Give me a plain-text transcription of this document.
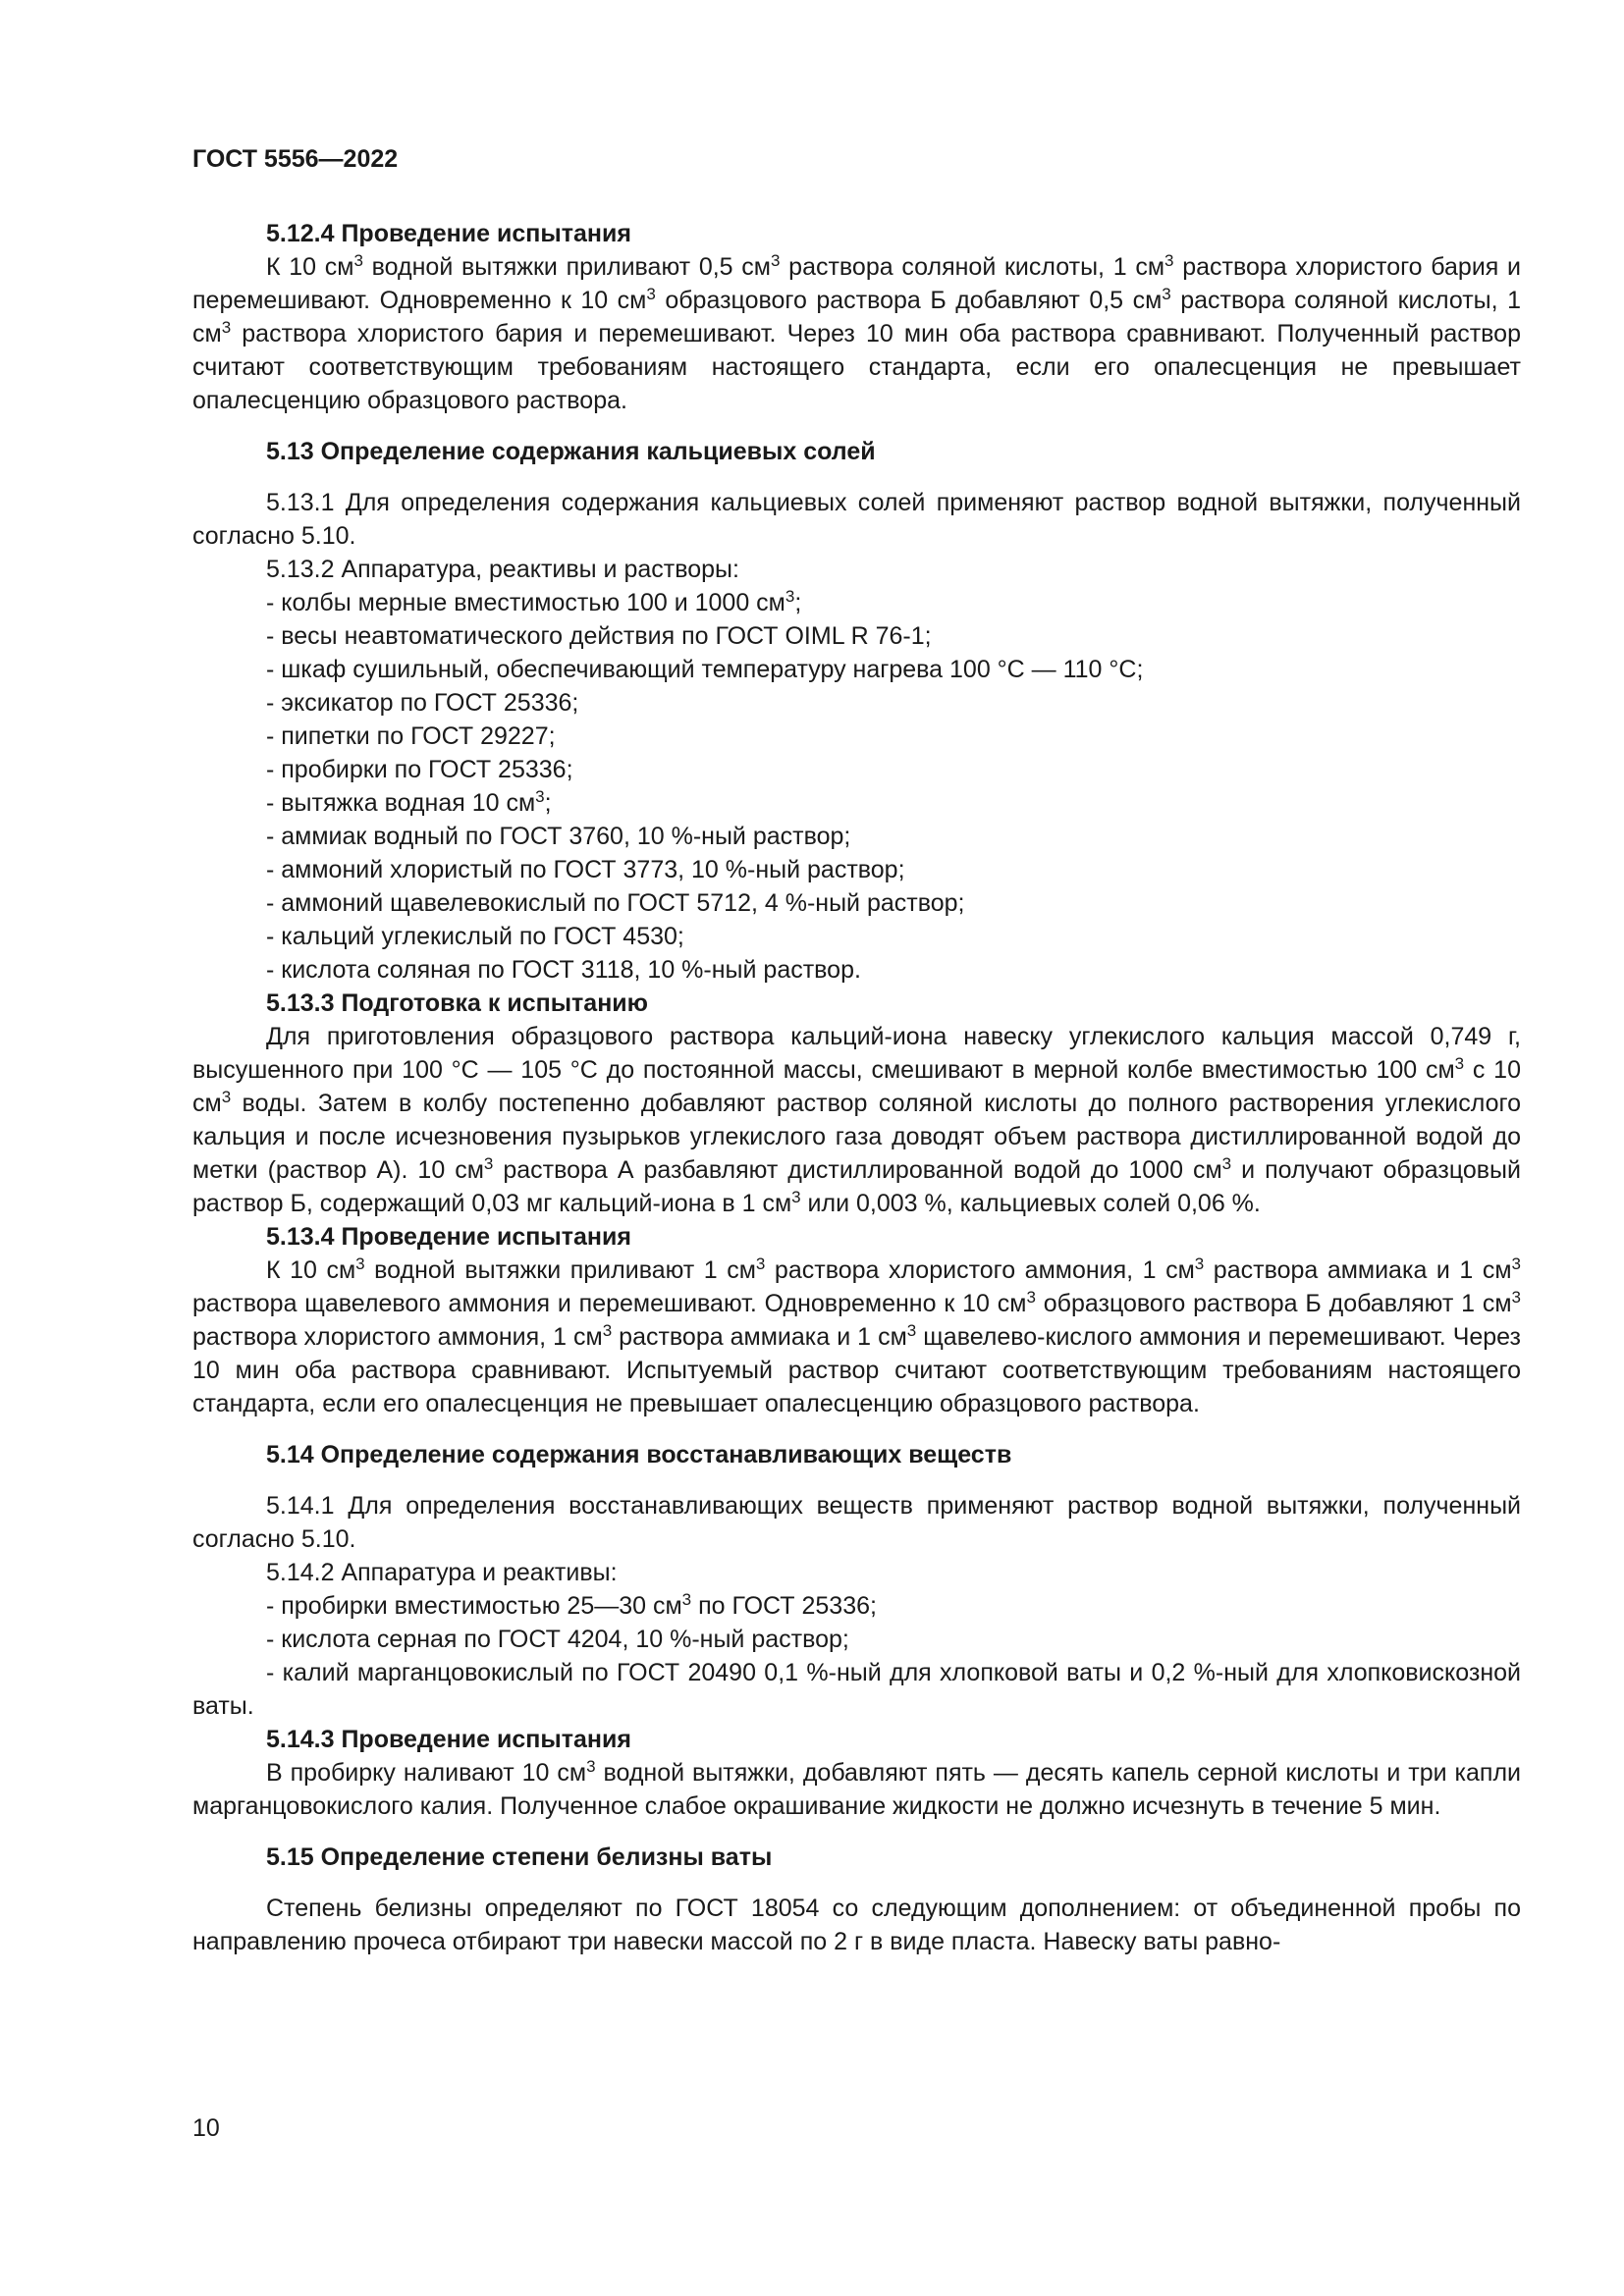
ГОСТ 5556—2022

5.12.4 Проведение испытания

К 10 $см^3$ водной вытяжки приливают 0,5 $см^3$ раствора соляной кислоты, 1 $см^3$ раствора хлористого бария и перемешивают. Одновременно к 10 $см^3$ образцового раствора Б добавляют 0,5 $см^3$ раствора соляной кислоты, 1 $см^3$ раствора хлористого бария и перемешивают. Через 10 мин оба раствора сравнивают. Полученный раствор считают соответствующим требованиям настоящего стандарта, если его опалесценция не превышает опалесценцию образцового раствора.

5.13 Определение содержания кальциевых солей

5.13.1 Для определения содержания кальциевых солей применяют раствор водной вытяжки, полученный согласно 5.10.

5.13.2 Аппаратура, реактивы и растворы:

- колбы мерные вместимостью 100 и 1000 $см^3$;

- весы неавтоматического действия по ГОСТ OIML R 76-1;

- шкаф сушильный, обеспечивающий температуру нагрева 100 °С — 110 °С;

- эксикатор по ГОСТ 25336;

- пипетки по ГОСТ 29227;

- пробирки по ГОСТ 25336;

- вытяжка водная 10 $см^3$;

- аммиак водный по ГОСТ 3760, 10 %-ный раствор;

- аммоний хлористый по ГОСТ 3773, 10 %-ный раствор;

- аммоний щавелевокислый по ГОСТ 5712, 4 %-ный раствор;

- кальций углекислый по ГОСТ 4530;

- кислота соляная по ГОСТ 3118, 10 %-ный раствор.

5.13.3 Подготовка к испытанию

Для приготовления образцового раствора кальций-иона навеску углекислого кальция массой 0,749 г, высушенного при 100 °С — 105 °С до постоянной массы, смешивают в мерной колбе вместимостью 100 $см^3$ с 10 $см^3$ воды. Затем в колбу постепенно добавляют раствор соляной кислоты до полного растворения углекислого кальция и после исчезновения пузырьков углекислого газа доводят объем раствора дистиллированной водой до метки (раствор А). 10 $см^3$ раствора А разбавляют дистиллированной водой до 1000 $см^3$ и получают образцовый раствор Б, содержащий 0,03 мг кальций-иона в 1 $см^3$ или 0,003 %, кальциевых солей 0,06 %.

5.13.4 Проведение испытания

К 10 $см^3$ водной вытяжки приливают 1 $см^3$ раствора хлористого аммония, 1 $см^3$ раствора аммиака и 1 $см^3$ раствора щавелевого аммония и перемешивают. Одновременно к 10 $см^3$ образцового раствора Б добавляют 1 $см^3$ раствора хлористого аммония, 1 $см^3$ раствора аммиака и 1 $см^3$ щавелево-кислого аммония и перемешивают. Через 10 мин оба раствора сравнивают. Испытуемый раствор считают соответствующим требованиям настоящего стандарта, если его опалесценция не превышает опалесценцию образцового раствора.

5.14 Определение содержания восстанавливающих веществ

5.14.1 Для определения восстанавливающих веществ применяют раствор водной вытяжки, полученный согласно 5.10.

5.14.2 Аппаратура и реактивы:

- пробирки вместимостью 25—30 $см^3$ по ГОСТ 25336;

- кислота серная по ГОСТ 4204, 10 %-ный раствор;

- калий марганцовокислый по ГОСТ 20490 0,1 %-ный для хлопковой ваты и 0,2 %-ный для хлопковискозной ваты.

5.14.3 Проведение испытания

В пробирку наливают 10 $см^3$ водной вытяжки, добавляют пять — десять капель серной кислоты и три капли марганцовокислого калия. Полученное слабое окрашивание жидкости не должно исчезнуть в течение 5 мин.

5.15 Определение степени белизны ваты

Степень белизны определяют по ГОСТ 18054 со следующим дополнением: от объединенной пробы по направлению прочеса отбирают три навески массой по 2 г в виде пласта. Навеску ваты равно-

10
